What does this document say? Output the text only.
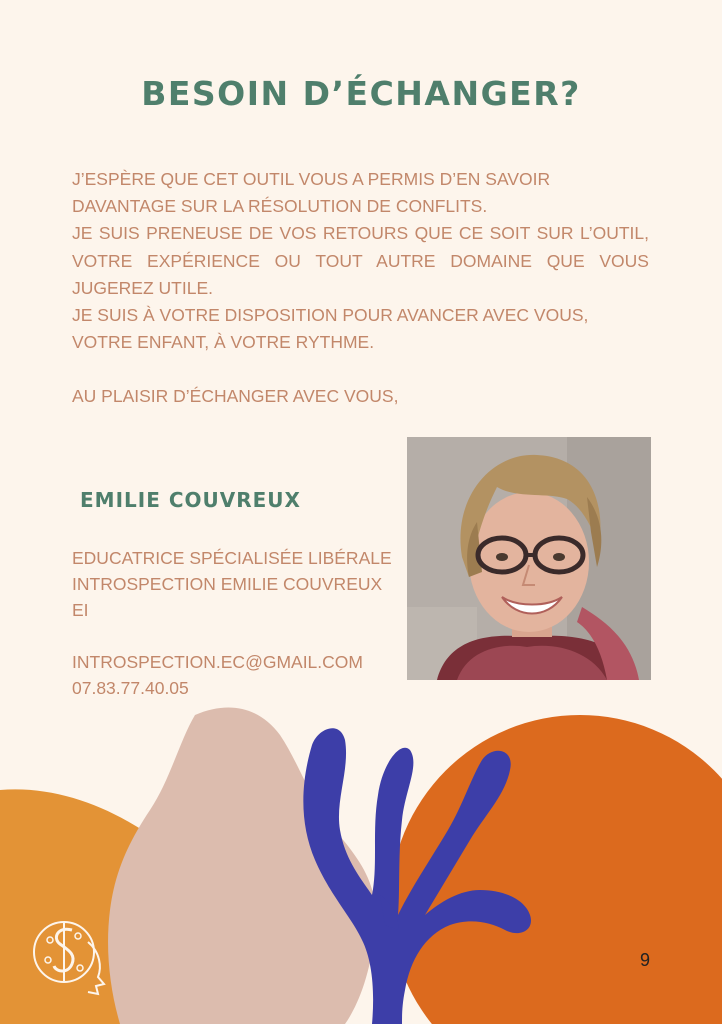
BESOIN D’ÉCHANGER?

J’ESPÈRE QUE CET OUTIL VOUS A PERMIS D’EN SAVOIR DAVANTAGE SUR LA RÉSOLUTION DE CONFLITS.

JE SUIS PRENEUSE DE VOS RETOURS QUE CE SOIT SUR L’OUTIL, VOTRE EXPÉRIENCE OU TOUT AUTRE DOMAINE QUE VOUS JUGEREZ UTILE.

JE SUIS À VOTRE DISPOSITION POUR AVANCER AVEC VOUS, VOTRE ENFANT, À VOTRE RYTHME.

AU PLAISIR D’ÉCHANGER AVEC VOUS,

EMILIE COUVREUX

EDUCATRICE SPÉCIALISÉE LIBÉRALE

INTROSPECTION EMILIE COUVREUX EI

INTROSPECTION.EC@GMAIL.COM

07.83.77.40.05

9
